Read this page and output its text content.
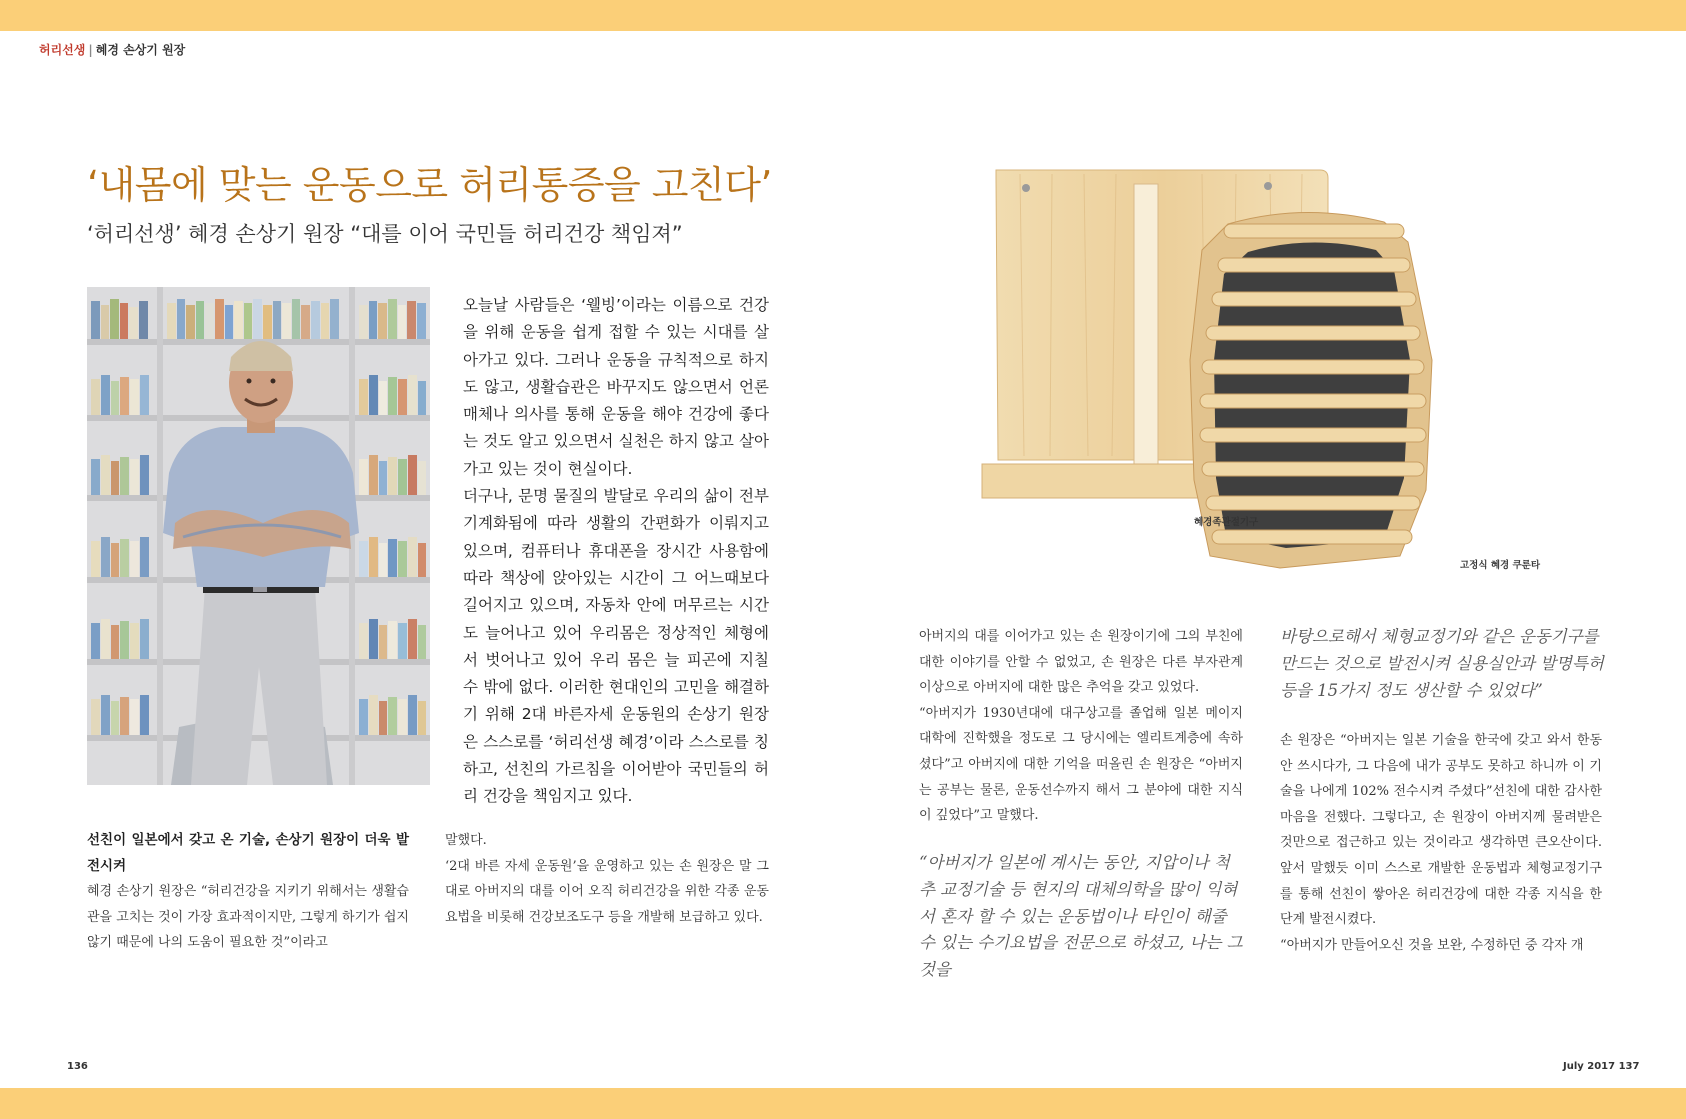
허리선생 | 혜경 손상기 원장
‘내몸에 맞는 운동으로 허리통증을 고친다’
‘허리선생’ 혜경 손상기 원장 “대를 이어 국민들 허리건강 책임져”

오늘날 사람들은 ‘웰빙’이라는 이름으로 건강을 위해 운동을 쉽게 접할 수 있는 시대를 살아가고 있다. 그러나 운동을 규칙적으로 하지도 않고, 생활습관은 바꾸지도 않으면서 언론매체나 의사를 통해 운동을 해야 건강에 좋다는 것도 알고 있으면서 실천은 하지 않고 살아가고 있는 것이 현실이다.

더구나, 문명 물질의 발달로 우리의 삶이 전부 기계화됨에 따라 생활의 간편화가 이뤄지고 있으며, 컴퓨터나 휴대폰을 장시간 사용함에 따라 책상에 앉아있는 시간이 그 어느때보다 길어지고 있으며, 자동차 안에 머무르는 시간도 늘어나고 있어 우리몸은 정상적인 체형에서 벗어나고 있어 우리 몸은 늘 피곤에 지칠 수 밖에 없다. 이러한 현대인의 고민을 해결하기 위해 2대 바른자세 운동원의 손상기 원장은 스스로를 ‘허리선생 혜경’이라 스스로를 칭하고, 선친의 가르침을 이어받아 국민들의 허리 건강을 책임지고 있다.

선친이 일본에서 갖고 온 기술, 손상기 원장이 더욱 발전시켜

혜경 손상기 원장은 “허리건강을 지키기 위해서는 생활습관을 고치는 것이 가장 효과적이지만, 그렇게 하기가 쉽지 않기 때문에 나의 도움이 필요한 것”이라고

말했다.

‘2대 바른 자세 운동원’을 운영하고 있는 손 원장은 말 그대로 아버지의 대를 이어 오직 허리건강을 위한 각종 운동요법을 비롯해 건강보조도구 등을 개발해 보급하고 있다.

혜경족관절기구
고정식 혜경 쿠룬타

아버지의 대를 이어가고 있는 손 원장이기에 그의 부친에 대한 이야기를 안할 수 없었고, 손 원장은 다른 부자관계 이상으로 아버지에 대한 많은 추억을 갖고 있었다.

“아버지가 1930년대에 대구상고를 졸업해 일본 메이지 대학에 진학했을 정도로 그 당시에는 엘리트계층에 속하셨다”고 아버지에 대한 기억을 떠올린 손 원장은 “아버지는 공부는 물론, 운동선수까지 해서 그 분야에 대한 지식이 깊었다”고 말했다.

“아버지가 일본에 계시는 동안, 지압이나 척추 교정기술 등 현지의 대체의학을 많이 익혀서 혼자 할 수 있는 운동법이나 타인이 해줄 수 있는 수기요법을 전문으로 하셨고, 나는 그것을

바탕으로해서 체형교정기와 같은 운동기구를 만드는 것으로 발전시켜 실용실안과 발명특허 등을 15가지 정도 생산할 수 있었다”

손 원장은 “아버지는 일본 기술을 한국에 갖고 와서 한동안 쓰시다가, 그 다음에 내가 공부도 못하고 하니까 이 기술을 나에게 102% 전수시켜 주셨다”선친에 대한 감사한 마음을 전했다. 그렇다고, 손 원장이 아버지께 물려받은 것만으로 접근하고 있는 것이라고 생각하면 큰오산이다. 앞서 말했듯 이미 스스로 개발한 운동법과 체형교정기구를 통해 선친이 쌓아온 허리건강에 대한 각종 지식을 한 단계 발전시켰다.

“아버지가 만들어오신 것을 보완, 수정하던 중 각자 개

136	July 2017 137
